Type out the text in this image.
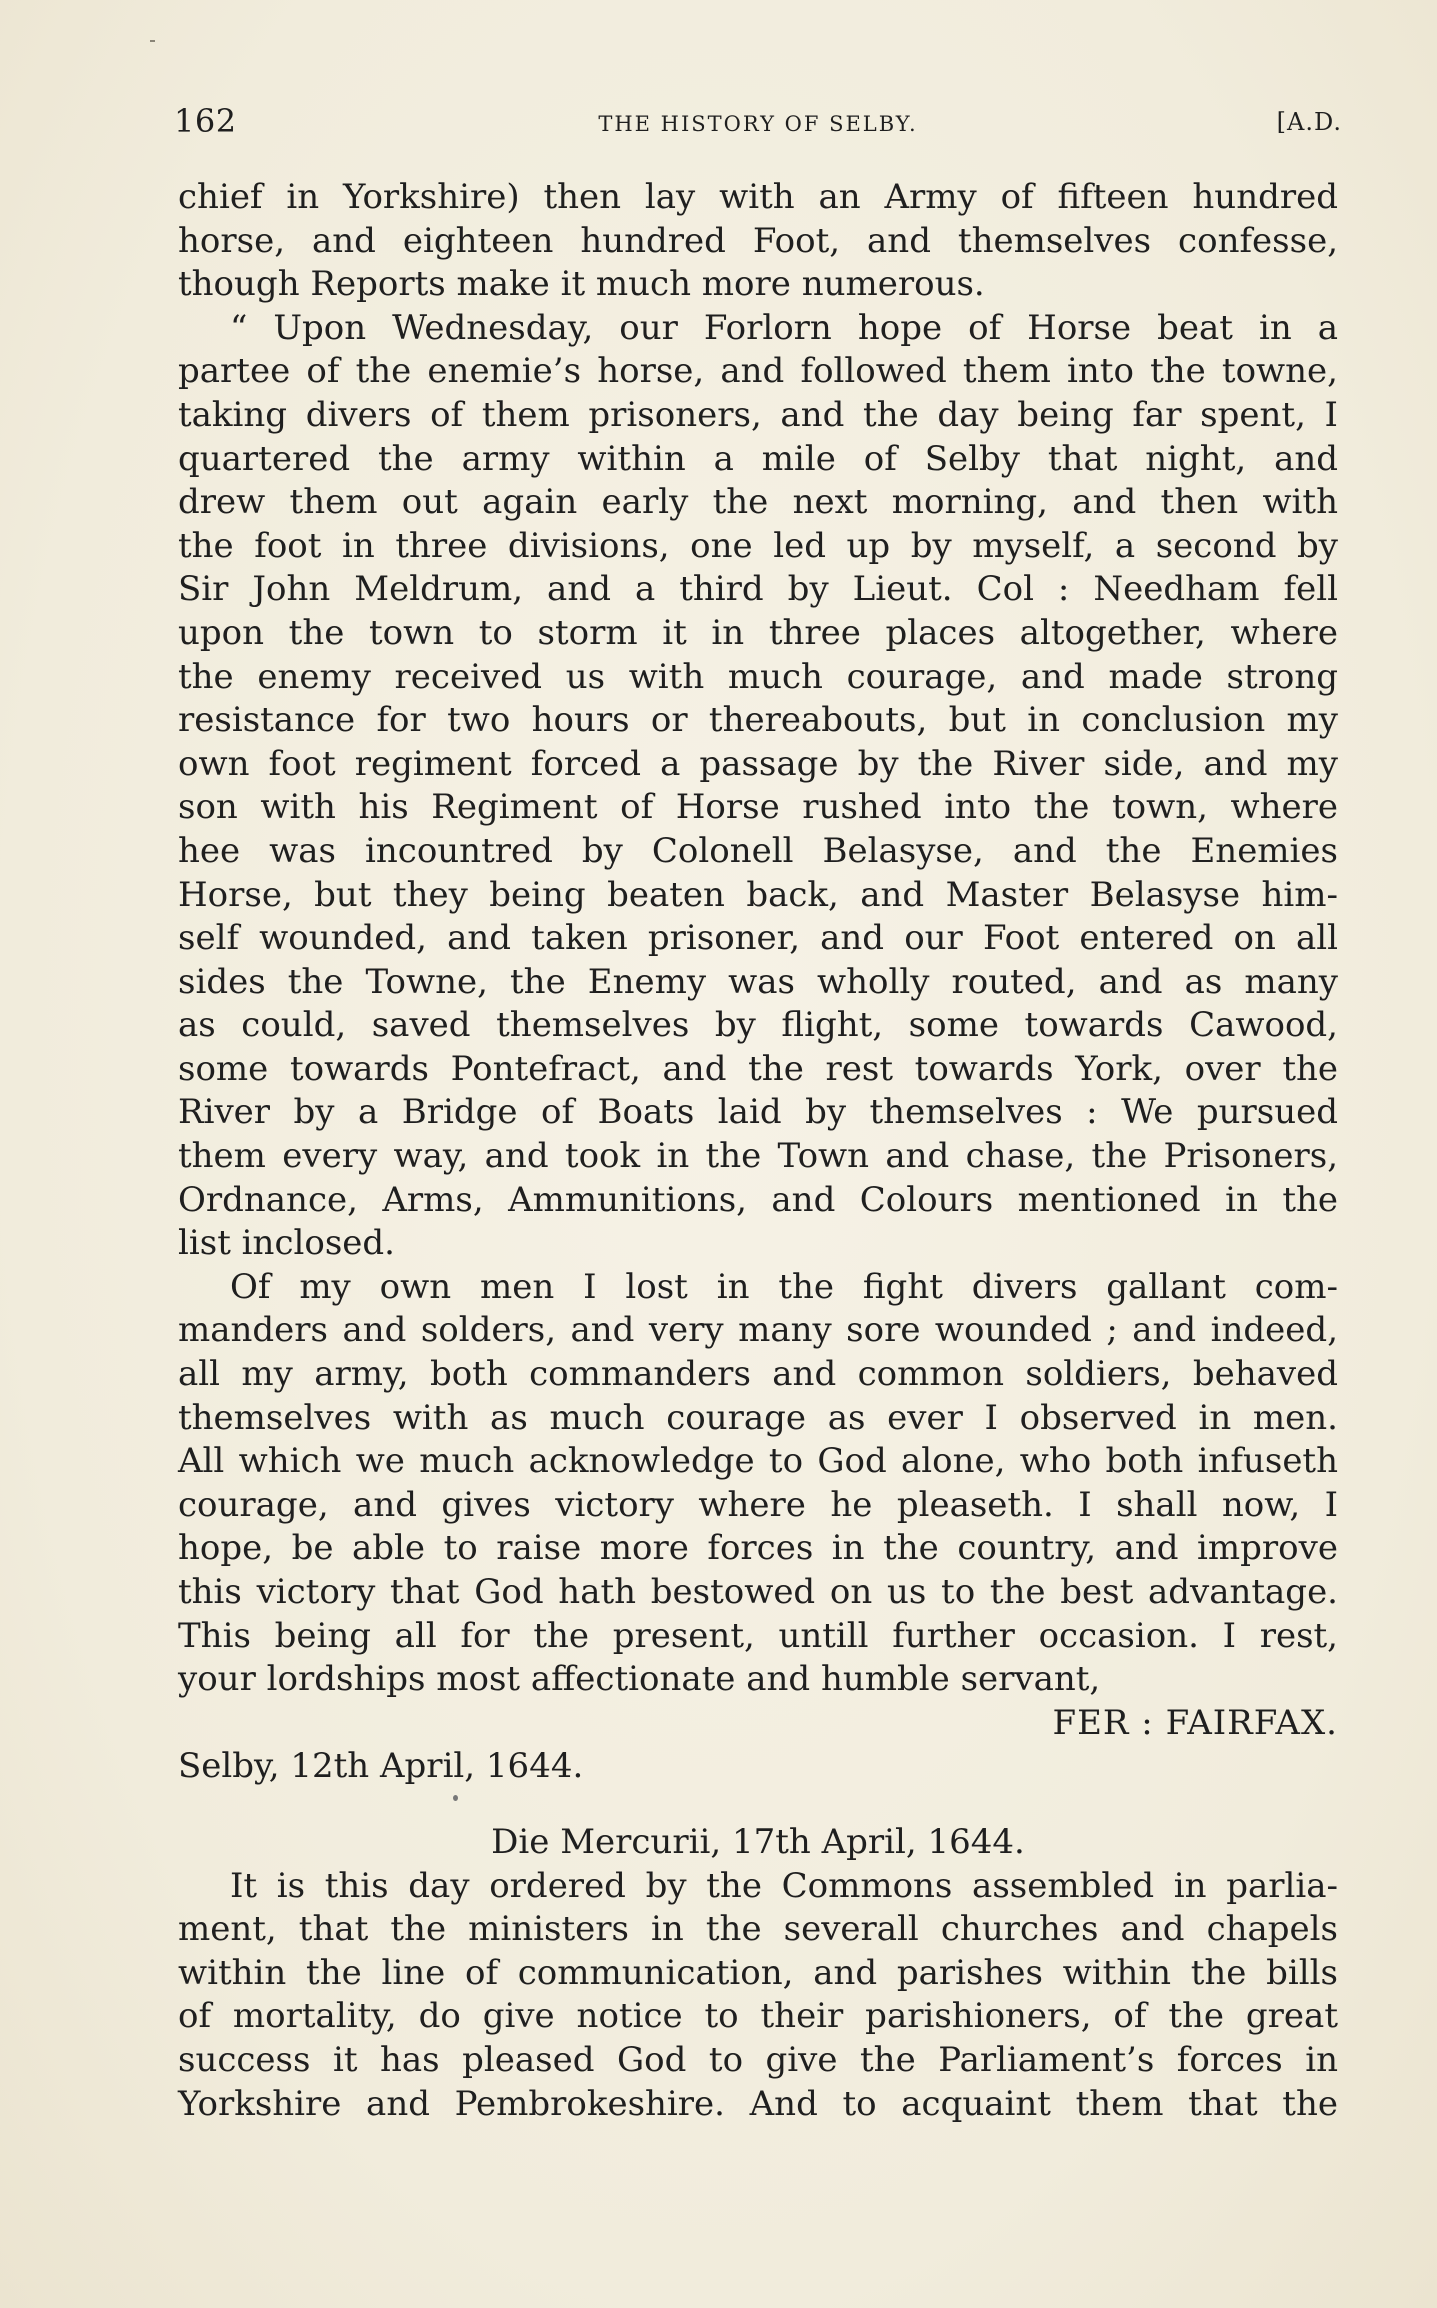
162	THE HISTORY OF SELBY.	[A.D.
chief in Yorkshire) then lay with an Army of fifteen hundred
horse, and eighteen hundred Foot, and themselves confesse,
though Reports make it much more numerous.
“ Upon Wednesday, our Forlorn hope of Horse beat in a
partee of the enemie’s horse, and followed them into the towne,
taking divers of them prisoners, and the day being far spent, I
quartered the army within a mile of Selby that night, and
drew them out again early the next morning, and then with
the foot in three divisions, one led up by myself, a second by
Sir John Meldrum, and a third by Lieut. Col : Needham fell
upon the town to storm it in three places altogether, where
the enemy received us with much courage, and made strong
resistance for two hours or thereabouts, but in conclusion my
own foot regiment forced a passage by the River side, and my
son with his Regiment of Horse rushed into the town, where
hee was incountred by Colonell Belasyse, and the Enemies
Horse, but they being beaten back, and Master Belasyse him-
self wounded, and taken prisoner, and our Foot entered on all
sides the Towne, the Enemy was wholly routed, and as many
as could, saved themselves by flight, some towards Cawood,
some towards Pontefract, and the rest towards York, over the
River by a Bridge of Boats laid by themselves : We pursued
them every way, and took in the Town and chase, the Prisoners,
Ordnance, Arms, Ammunitions, and Colours mentioned in the
list inclosed.
Of my own men I lost in the fight divers gallant com-
manders and solders, and very many sore wounded ; and indeed,
all my army, both commanders and common soldiers, behaved
themselves with as much courage as ever I observed in men.
All which we much acknowledge to God alone, who both infuseth
courage, and gives victory where he pleaseth. I shall now, I
hope, be able to raise more forces in the country, and improve
this victory that God hath bestowed on us to the best advantage.
This being all for the present, untill further occasion. I rest,
your lordships most affectionate and humble servant,
FER : FAIRFAX.
Selby, 12th April, 1644.
Die Mercurii, 17th April, 1644.
It is this day ordered by the Commons assembled in parlia-
ment, that the ministers in the severall churches and chapels
within the line of communication, and parishes within the bills
of mortality, do give notice to their parishioners, of the great
success it has pleased God to give the Parliament’s forces in
Yorkshire and Pembrokeshire. And to acquaint them that the
